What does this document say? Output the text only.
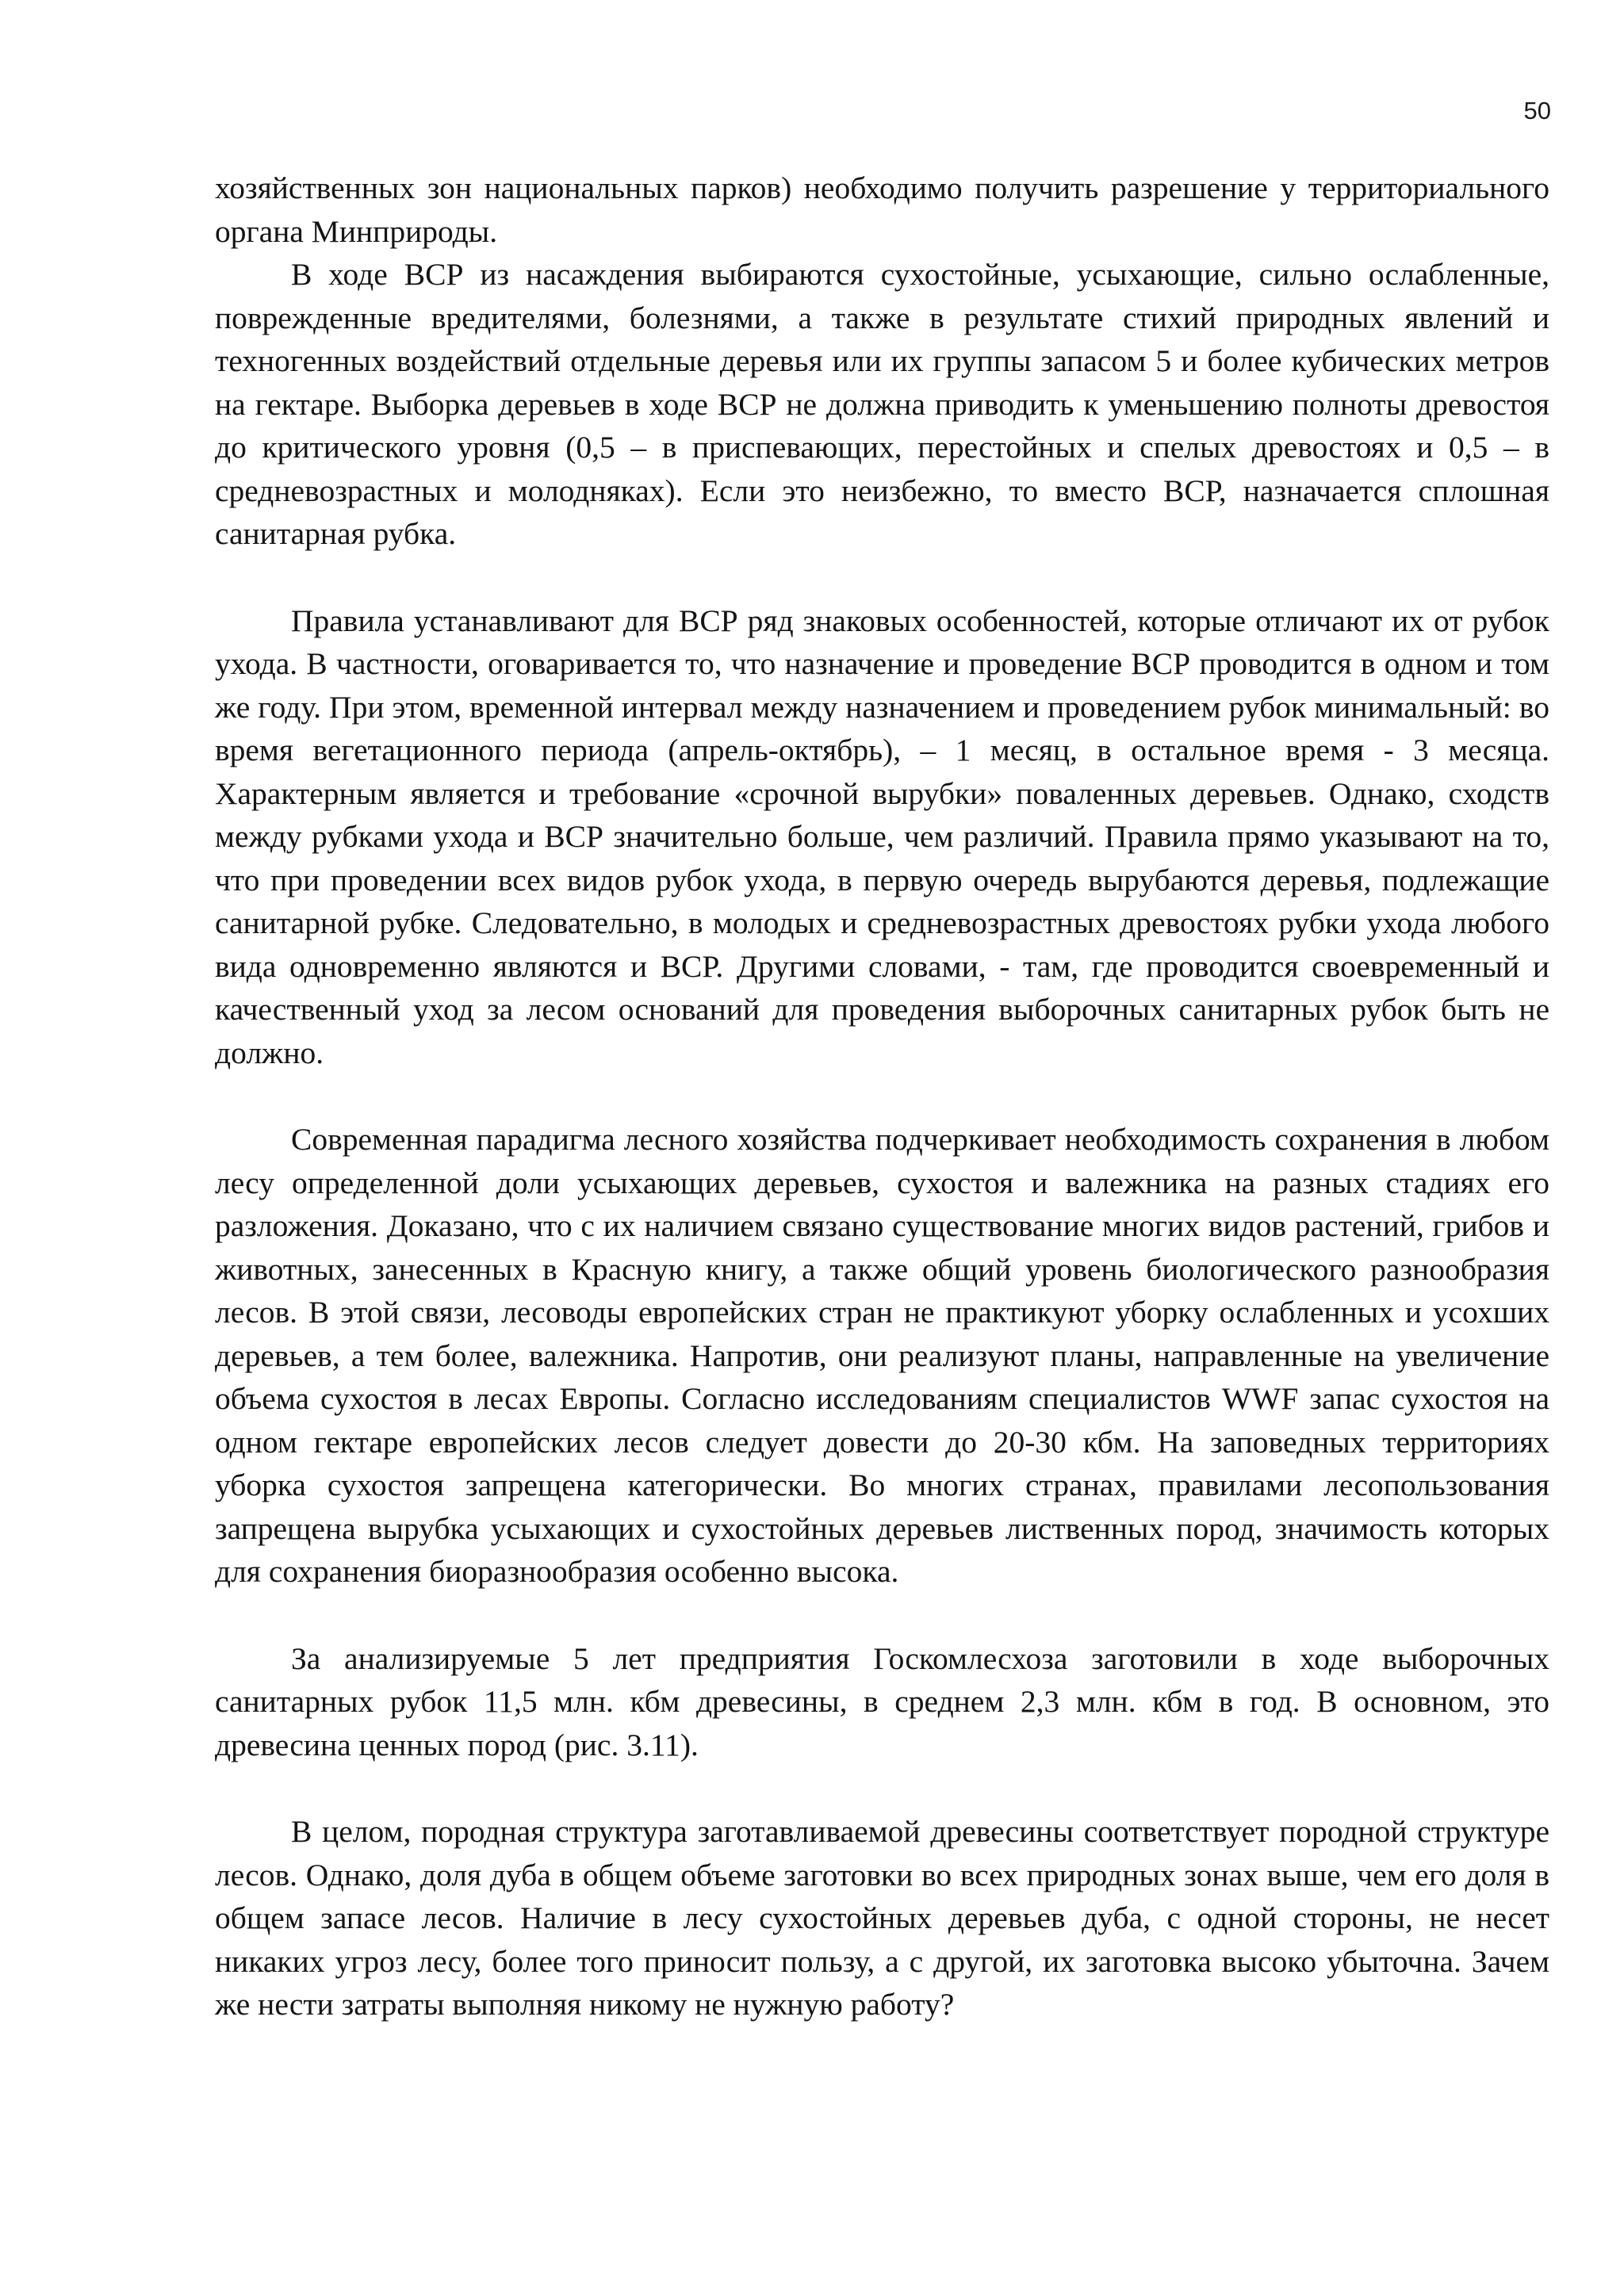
50

хозяйственных зон национальных парков) необходимо получить разрешение у территориального органа Минприроды.

В ходе ВСР из насаждения выбираются сухостойные, усыхающие, сильно ослабленные, поврежденные вредителями, болезнями, а также в результате стихий природных явлений и техногенных воздействий отдельные деревья или их группы запасом 5 и более кубических метров на гектаре. Выборка деревьев в ходе ВСР не должна приводить к уменьшению полноты древостоя до критического уровня (0,5 – в приспевающих, перестойных и спелых древостоях и 0,5 – в средневозрастных и молодняках). Если это неизбежно, то вместо ВСР, назначается сплошная санитарная рубка.

Правила устанавливают для ВСР ряд знаковых особенностей, которые отличают их от рубок ухода. В частности, оговаривается то, что назначение и проведение ВСР проводится в одном и том же году. При этом, временной интервал между назначением и проведением рубок минимальный: во время вегетационного периода (апрель-октябрь), – 1 месяц, в остальное время - 3 месяца. Характерным является и требование «срочной вырубки» поваленных деревьев. Однако, сходств между рубками ухода и ВСР значительно больше, чем различий. Правила прямо указывают на то, что при проведении всех видов рубок ухода, в первую очередь вырубаются деревья, подлежащие санитарной рубке. Следовательно, в молодых и средневозрастных древостоях рубки ухода любого вида одновременно являются и ВСР. Другими словами, - там, где проводится своевременный и качественный уход за лесом оснований для проведения выборочных санитарных рубок быть не должно.

Современная парадигма лесного хозяйства подчеркивает необходимость сохранения в любом лесу определенной доли усыхающих деревьев, сухостоя и валежника на разных стадиях его разложения. Доказано, что с их наличием связано существование многих видов растений, грибов и животных, занесенных в Красную книгу, а также общий уровень биологического разнообразия лесов. В этой связи, лесоводы европейских стран не практикуют уборку ослабленных и усохших деревьев, а тем более, валежника. Напротив, они реализуют планы, направленные на увеличение объема сухостоя в лесах Европы. Согласно исследованиям специалистов WWF запас сухостоя на одном гектаре европейских лесов следует довести до 20-30 кбм. На заповедных территориях уборка сухостоя запрещена категорически. Во многих странах, правилами лесопользования запрещена вырубка усыхающих и сухостойных деревьев лиственных пород, значимость которых для сохранения биоразнообразия особенно высока.

За анализируемые 5 лет предприятия Госкомлесхоза заготовили в ходе выборочных санитарных рубок 11,5 млн. кбм древесины, в среднем 2,3 млн. кбм в год. В основном, это древесина ценных пород (рис. 3.11).

В целом, породная структура заготавливаемой древесины соответствует породной структуре лесов. Однако, доля дуба в общем объеме заготовки во всех природных зонах выше, чем его доля в общем запасе лесов. Наличие в лесу сухостойных деревьев дуба, с одной стороны, не несет никаких угроз лесу, более того приносит пользу, а с другой, их заготовка высоко убыточна. Зачем же нести затраты выполняя никому не нужную работу?
